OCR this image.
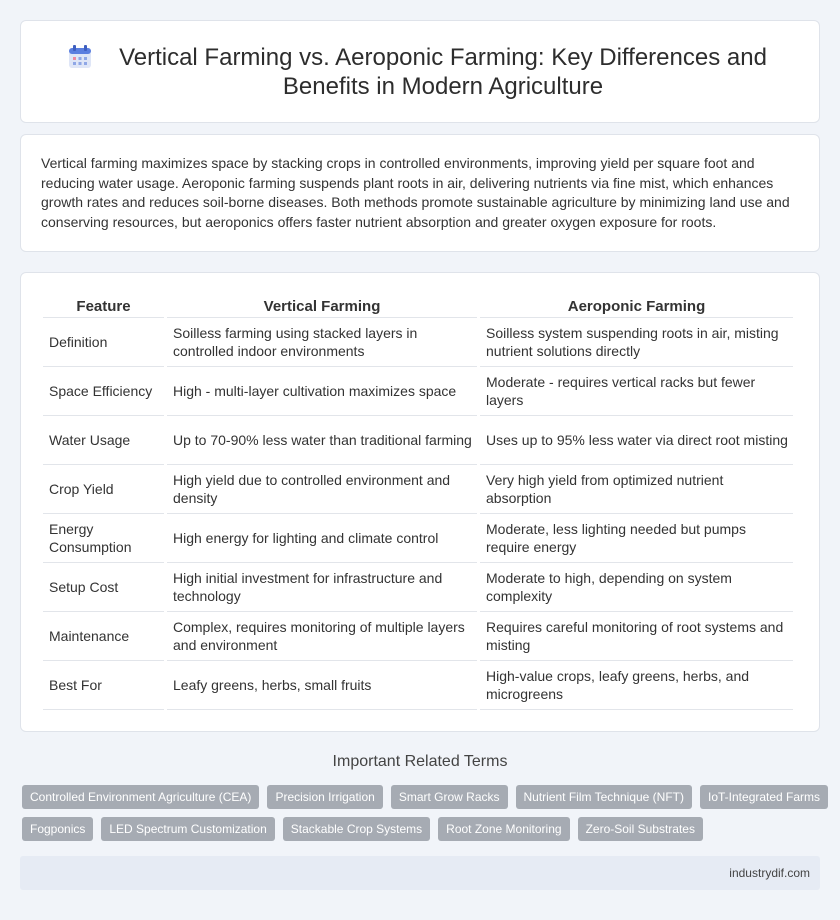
Vertical Farming vs. Aeroponic Farming: Key Differences and Benefits in Modern Agriculture

Vertical farming maximizes space by stacking crops in controlled environments, improving yield per square foot and reducing water usage. Aeroponic farming suspends plant roots in air, delivering nutrients via fine mist, which enhances growth rates and reduces soil-borne diseases. Both methods promote sustainable agriculture by minimizing land use and conserving resources, but aeroponics offers faster nutrient absorption and greater oxygen exposure for roots.

Feature	Vertical Farming	Aeroponic Farming
Definition	Soilless farming using stacked layers in controlled indoor environments	Soilless system suspending roots in air, misting nutrient solutions directly
Space Efficiency	High - multi-layer cultivation maximizes space	Moderate - requires vertical racks but fewer layers
Water Usage	Up to 70-90% less water than traditional farming	Uses up to 95% less water via direct root misting
Crop Yield	High yield due to controlled environment and density	Very high yield from optimized nutrient absorption
Energy Consumption	High energy for lighting and climate control	Moderate, less lighting needed but pumps require energy
Setup Cost	High initial investment for infrastructure and technology	Moderate to high, depending on system complexity
Maintenance	Complex, requires monitoring of multiple layers and environment	Requires careful monitoring of root systems and misting
Best For	Leafy greens, herbs, small fruits	High-value crops, leafy greens, herbs, and microgreens
Important Related Terms
Controlled Environment Agriculture (CEA)	Precision Irrigation	Smart Grow Racks	Nutrient Film Technique (NFT)	IoT-Integrated Farms
Fogponics	LED Spectrum Customization	Stackable Crop Systems	Root Zone Monitoring	Zero-Soil Substrates
industrydif.com
